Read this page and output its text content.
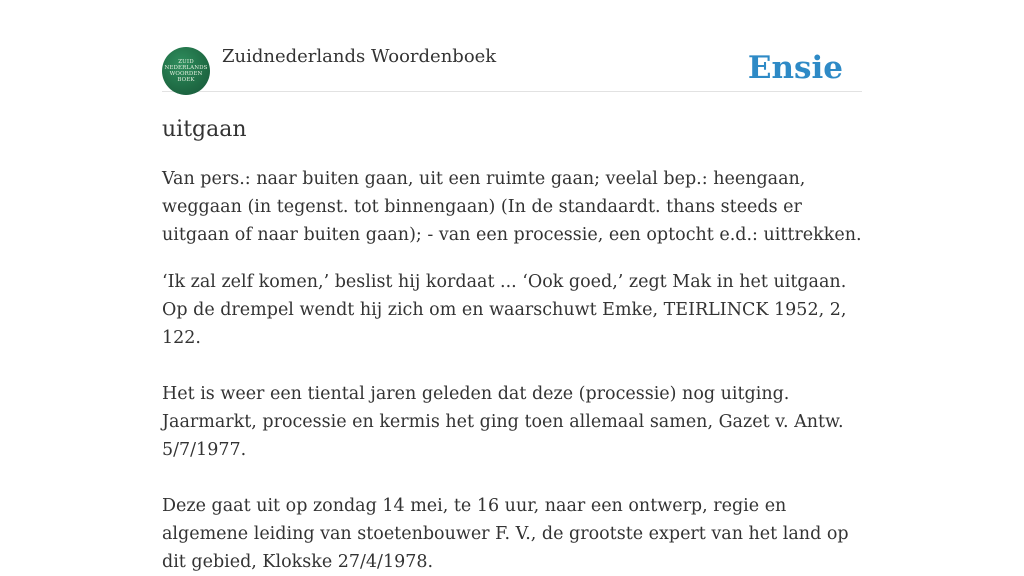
ZUID
NEDERLANDS
WOORDEN
BOEK
Zuidnederlands Woordenboek	Ensie
uitgaan

Van pers.: naar buiten gaan, uit een ruimte gaan; veelal bep.: heengaan, weggaan (in tegenst. tot binnengaan) (In de standaardt. thans steeds er uitgaan of naar buiten gaan); - van een processie, een optocht e.d.: uittrekken.

‘Ik zal zelf komen,’ beslist hij kordaat ... ‘Ook goed,’ zegt Mak in het uitgaan. Op de drempel wendt hij zich om en waarschuwt Emke, TEIRLINCK 1952, 2, 122.

Het is weer een tiental jaren geleden dat deze (processie) nog uitging. Jaarmarkt, processie en kermis het ging toen allemaal samen, Gazet v. Antw. 5/7/1977.

Deze gaat uit op zondag 14 mei, te 16 uur, naar een ontwerp, regie en algemene leiding van stoetenbouwer F. V., de grootste expert van het land op dit gebied, Klokske 27/4/1978.
